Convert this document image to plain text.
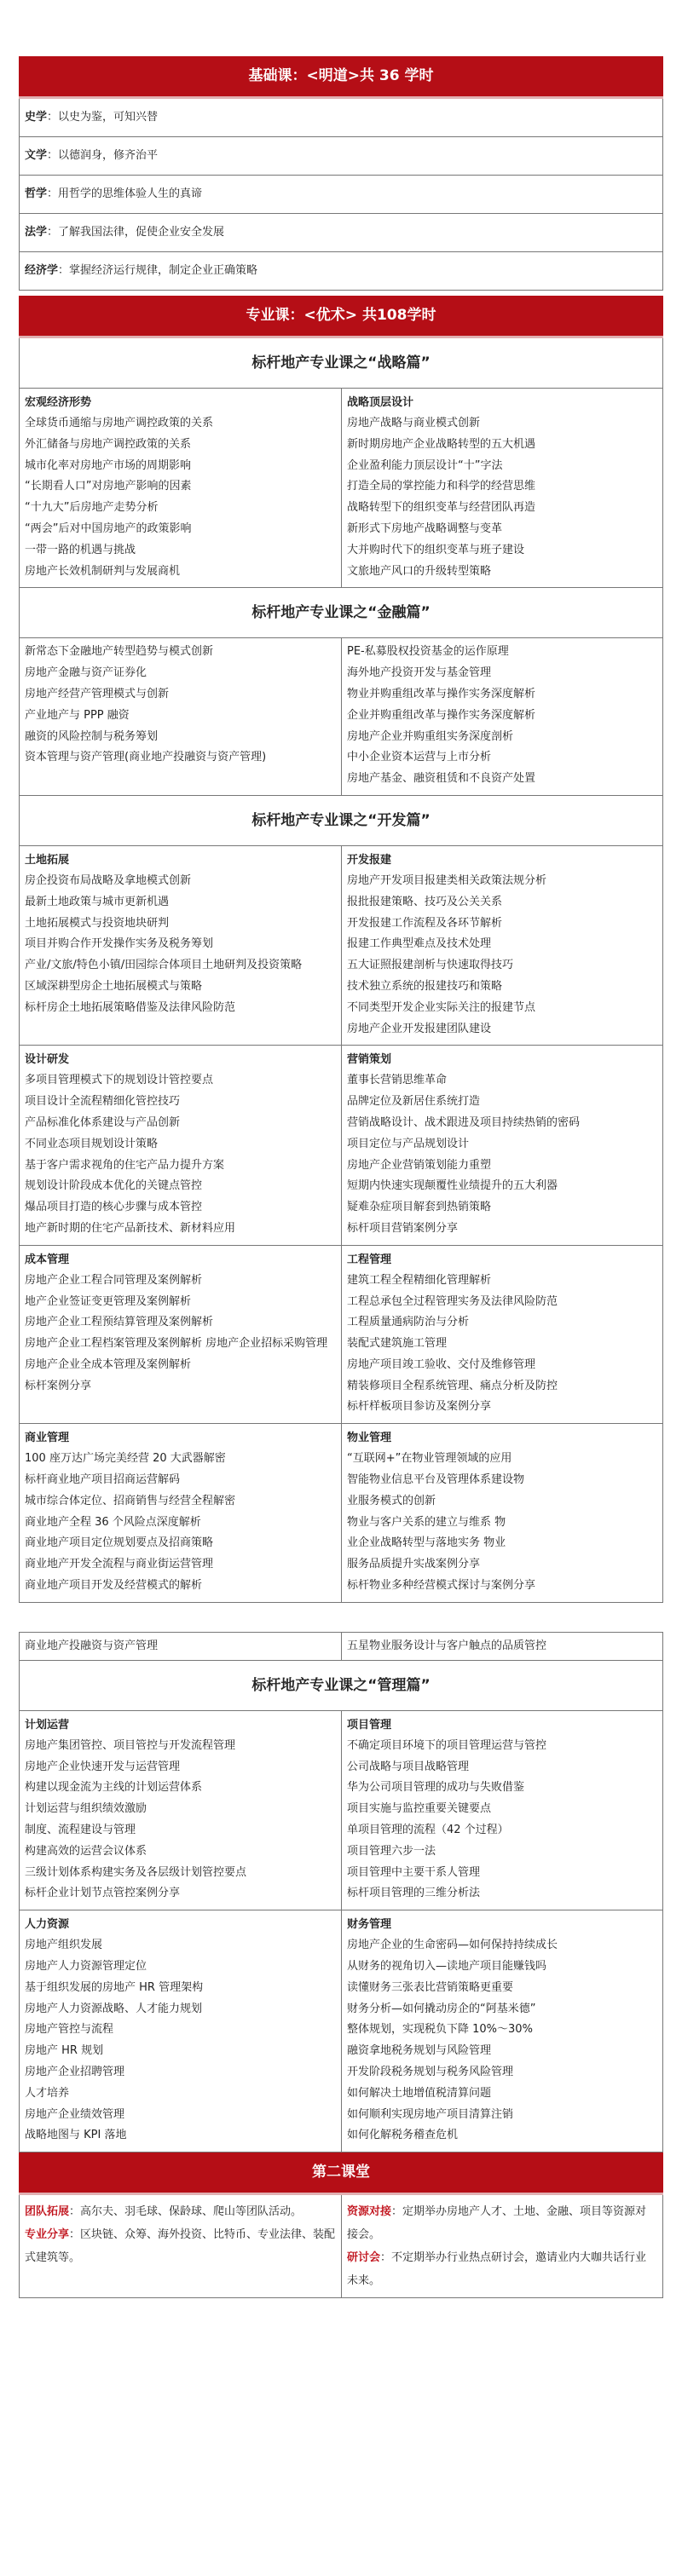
基础课：<明道>共 36 学时
史学：以史为鉴，可知兴替
文学：以德润身，修齐治平
哲学：用哲学的思维体验人生的真谛
法学：了解我国法律，促使企业安全发展
经济学：掌握经济运行规律，制定企业正确策略
专业课：<优术> 共108学时
标杆地产专业课之“战略篇”
宏观经济形势
全球货币通缩与房地产调控政策的关系
外汇储备与房地产调控政策的关系
城市化率对房地产市场的周期影响
“长期看人口”对房地产影响的因素
“十九大”后房地产走势分析
“两会”后对中国房地产的政策影响
一带一路的机遇与挑战
房地产长效机制研判与发展商机
战略顶层设计
房地产战略与商业模式创新
新时期房地产企业战略转型的五大机遇
企业盈利能力顶层设计“十”字法
打造全局的掌控能力和科学的经营思维
战略转型下的组织变革与经营团队再造
新形式下房地产战略调整与变革
大并购时代下的组织变革与班子建设
文旅地产风口的升级转型策略
标杆地产专业课之“金融篇”
新常态下金融地产转型趋势与模式创新
房地产金融与资产证券化
房地产经营产管理模式与创新
产业地产与 PPP 融资
融资的风险控制与税务筹划
资本管理与资产管理(商业地产投融资与资产管理)
PE-私募股权投资基金的运作原理
海外地产投资开发与基金管理
物业并购重组改革与操作实务深度解析
企业并购重组改革与操作实务深度解析
房地产企业并购重组实务深度剖析
中小企业资本运营与上市分析
房地产基金、融资租赁和不良资产处置
标杆地产专业课之“开发篇”
土地拓展
房企投资布局战略及拿地模式创新
最新土地政策与城市更新机遇
土地拓展模式与投资地块研判
项目并购合作开发操作实务及税务筹划
产业/文旅/特色小镇/田园综合体项目土地研判及投资策略
区域深耕型房企土地拓展模式与策略
标杆房企土地拓展策略借鉴及法律风险防范
开发报建
房地产开发项目报建类相关政策法规分析
报批报建策略、技巧及公关关系
开发报建工作流程及各环节解析
报建工作典型难点及技术处理
五大证照报建剖析与快速取得技巧
技术独立系统的报建技巧和策略
不同类型开发企业实际关注的报建节点
房地产企业开发报建团队建设
设计研发
多项目管理模式下的规划设计管控要点
项目设计全流程精细化管控技巧
产品标准化体系建设与产品创新
不同业态项目规划设计策略
基于客户需求视角的住宅产品力提升方案
规划设计阶段成本优化的关键点管控
爆品项目打造的核心步骤与成本管控
地产新时期的住宅产品新技术、新材料应用
营销策划
董事长营销思维革命
品牌定位及新居住系统打造
营销战略设计、战术跟进及项目持续热销的密码
项目定位与产品规划设计
房地产企业营销策划能力重塑
短期内快速实现颠覆性业绩提升的五大利器
疑难杂症项目解套到热销策略
标杆项目营销案例分享
成本管理
房地产企业工程合同管理及案例解析
地产企业签证变更管理及案例解析
房地产企业工程预结算管理及案例解析
房地产企业工程档案管理及案例解析 房地产企业招标采购管理
房地产企业全成本管理及案例解析
标杆案例分享
工程管理
建筑工程全程精细化管理解析
工程总承包全过程管理实务及法律风险防范
工程质量通病防治与分析
装配式建筑施工管理
房地产项目竣工验收、交付及维修管理
精装修项目全程系统管理、痛点分析及防控
标杆样板项目参访及案例分享
商业管理
100 座万达广场完美经营 20 大武器解密
标杆商业地产项目招商运营解码
城市综合体定位、招商销售与经营全程解密
商业地产全程 36 个风险点深度解析
商业地产项目定位规划要点及招商策略
商业地产开发全流程与商业街运营管理
商业地产项目开发及经营模式的解析
物业管理
“互联网+”在物业管理领域的应用
智能物业信息平台及管理体系建设物
业服务模式的创新
物业与客户关系的建立与维系 物
业企业战略转型与落地实务 物业
服务品质提升实战案例分享
标杆物业多种经营模式探讨与案例分享
商业地产投融资与资产管理	五星物业服务设计与客户触点的品质管控
标杆地产专业课之“管理篇”
计划运营
房地产集团管控、项目管控与开发流程管理
房地产企业快速开发与运营管理
构建以现金流为主线的计划运营体系
计划运营与组织绩效激励
制度、流程建设与管理
构建高效的运营会议体系
三级计划体系构建实务及各层级计划管控要点
标杆企业计划节点管控案例分享
项目管理
不确定项目环境下的项目管理运营与管控
公司战略与项目战略管理
华为公司项目管理的成功与失败借鉴
项目实施与监控重要关键要点
单项目管理的流程（42 个过程）
项目管理六步一法
项目管理中主要干系人管理
标杆项目管理的三维分析法
人力资源
房地产组织发展
房地产人力资源管理定位
基于组织发展的房地产 HR 管理架构
房地产人力资源战略、人才能力规划
房地产管控与流程
房地产 HR 规划
房地产企业招聘管理
人才培养
房地产企业绩效管理
战略地图与 KPI 落地
财务管理
房地产企业的生命密码—如何保持持续成长
从财务的视角切入—读地产项目能赚钱吗
读懂财务三张表比营销策略更重要
财务分析—如何撬动房企的“阿基米德”
整体规划，实现税负下降 10%～30%
融资拿地税务规划与风险管理
开发阶段税务规划与税务风险管理
如何解决土地增值税清算问题
如何顺利实现房地产项目清算注销
如何化解税务稽查危机
第二课堂
团队拓展：高尔夫、羽毛球、保龄球、爬山等团队活动。
专业分享：区块链、众筹、海外投资、比特币、专业法律、装配式建筑等。
资源对接：定期举办房地产人才、土地、金融、项目等资源对接会。
研讨会：不定期举办行业热点研讨会，邀请业内大咖共话行业未来。
